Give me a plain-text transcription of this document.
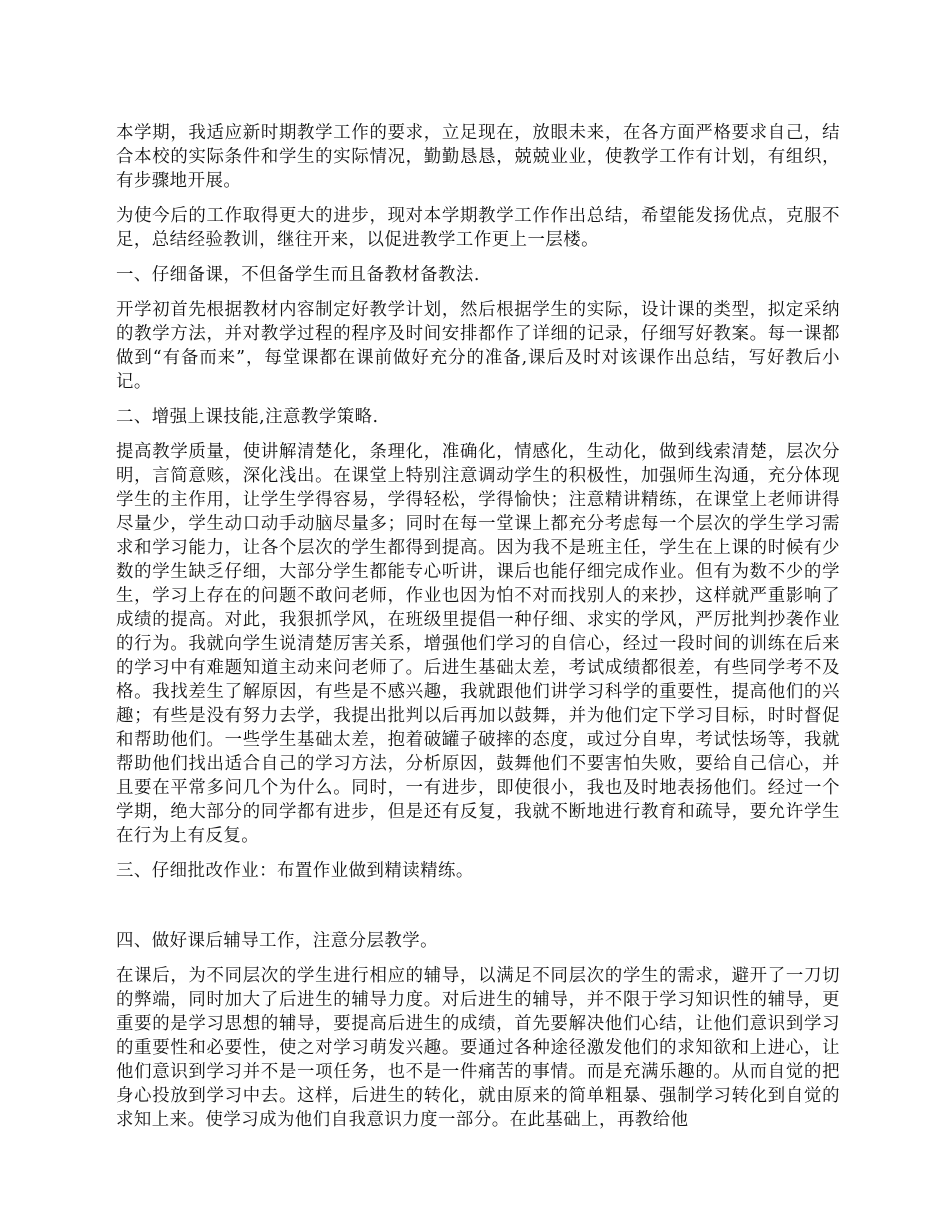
本学期，我适应新时期教学工作的要求，立足现在，放眼未来，在各方面严格要求自己，结合本校的实际条件和学生的实际情况，勤勤恳恳，兢兢业业，使教学工作有计划，有组织，有步骤地开展。

为使今后的工作取得更大的进步，现对本学期教学工作作出总结，希望能发扬优点，克服不足，总结经验教训，继往开来，以促进教学工作更上一层楼。

一、仔细备课，不但备学生而且备教材备教法.

开学初首先根据教材内容制定好教学计划，然后根据学生的实际，设计课的类型，拟定采纳的教学方法，并对教学过程的程序及时间安排都作了详细的记录，仔细写好教案。每一课都做到“有备而来”，每堂课都在课前做好充分的准备,课后及时对该课作出总结，写好教后小记。

二、增强上课技能,注意教学策略.

提高教学质量，使讲解清楚化，条理化，准确化，情感化，生动化，做到线索清楚，层次分明，言简意赅，深化浅出。在课堂上特别注意调动学生的积极性，加强师生沟通，充分体现学生的主作用，让学生学得容易，学得轻松，学得愉快；注意精讲精练，在课堂上老师讲得尽量少，学生动口动手动脑尽量多；同时在每一堂课上都充分考虑每一个层次的学生学习需求和学习能力，让各个层次的学生都得到提高。因为我不是班主任，学生在上课的时候有少数的学生缺乏仔细，大部分学生都能专心听讲，课后也能仔细完成作业。但有为数不少的学生，学习上存在的问题不敢问老师，作业也因为怕不对而找别人的来抄，这样就严重影响了成绩的提高。对此，我狠抓学风，在班级里提倡一种仔细、求实的学风，严厉批判抄袭作业的行为。我就向学生说清楚厉害关系，增强他们学习的自信心，经过一段时间的训练在后来的学习中有难题知道主动来问老师了。后进生基础太差，考试成绩都很差，有些同学考不及格。我找差生了解原因，有些是不感兴趣，我就跟他们讲学习科学的重要性，提高他们的兴趣；有些是没有努力去学，我提出批判以后再加以鼓舞，并为他们定下学习目标，时时督促和帮助他们。一些学生基础太差，抱着破罐子破摔的态度，或过分自卑，考试怯场等，我就帮助他们找出适合自己的学习方法，分析原因，鼓舞他们不要害怕失败，要给自己信心，并且要在平常多问几个为什么。同时，一有进步，即使很小，我也及时地表扬他们。经过一个学期，绝大部分的同学都有进步，但是还有反复，我就不断地进行教育和疏导，要允许学生在行为上有反复。

三、仔细批改作业：布置作业做到精读精练。

四、做好课后辅导工作，注意分层教学。

在课后，为不同层次的学生进行相应的辅导，以满足不同层次的学生的需求，避开了一刀切的弊端，同时加大了后进生的辅导力度。对后进生的辅导，并不限于学习知识性的辅导，更重要的是学习思想的辅导，要提高后进生的成绩，首先要解决他们心结，让他们意识到学习的重要性和必要性，使之对学习萌发兴趣。要通过各种途径激发他们的求知欲和上进心，让他们意识到学习并不是一项任务，也不是一件痛苦的事情。而是充满乐趣的。从而自觉的把身心投放到学习中去。这样，后进生的转化，就由原来的简单粗暴、强制学习转化到自觉的求知上来。使学习成为他们自我意识力度一部分。在此基础上，再教给他
